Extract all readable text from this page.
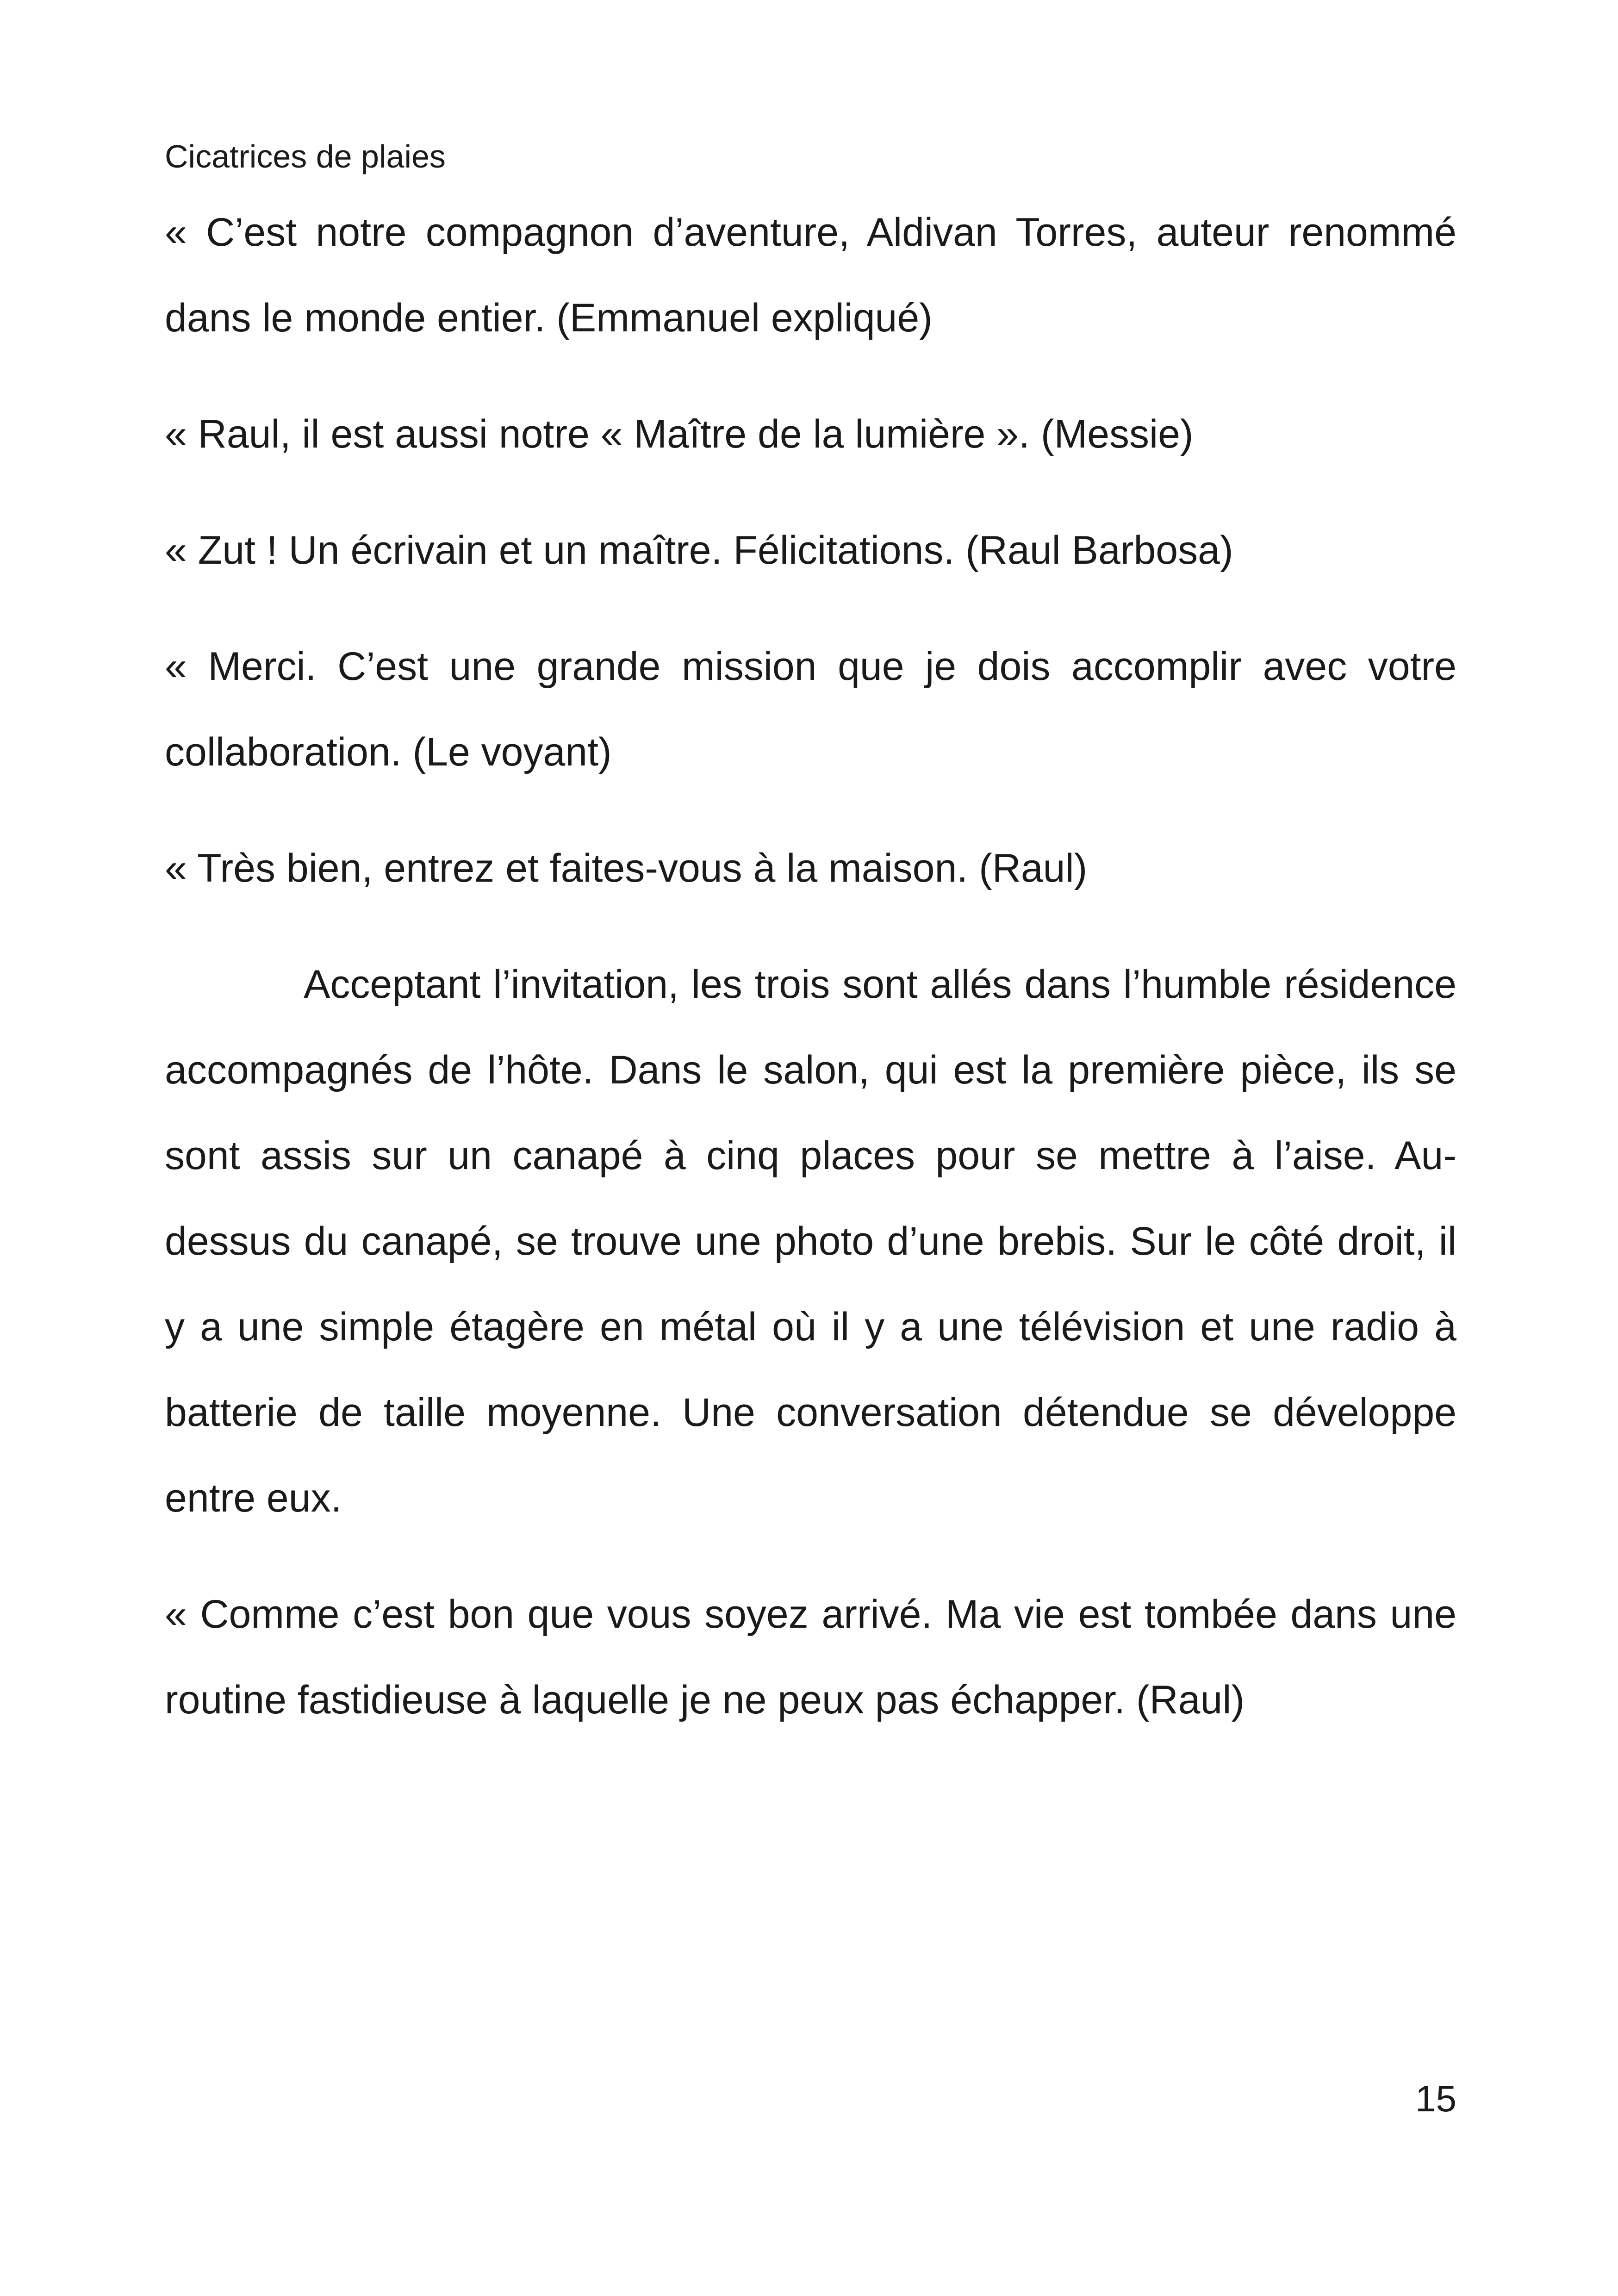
Cicatrices de plaies

« C’est notre compagnon d’aventure, Aldivan Torres, auteur renommé dans le monde entier. (Emmanuel expliqué)

« Raul, il est aussi notre « Maître de la lumière ». (Messie)

« Zut ! Un écrivain et un maître. Félicitations. (Raul Barbosa)

« Merci. C’est une grande mission que je dois accomplir avec votre collaboration. (Le voyant)

« Très bien, entrez et faites-vous à la maison. (Raul)

Acceptant l’invitation, les trois sont allés dans l’humble résidence accompagnés de l’hôte. Dans le salon, qui est la première pièce, ils se sont assis sur un canapé à cinq places pour se mettre à l’aise. Au-dessus du canapé, se trouve une photo d’une brebis. Sur le côté droit, il y a une simple étagère en métal où il y a une télévision et une radio à batterie de taille moyenne. Une conversation détendue se développe entre eux.

« Comme c’est bon que vous soyez arrivé. Ma vie est tombée dans une routine fastidieuse à laquelle je ne peux pas échapper. (Raul)

15
